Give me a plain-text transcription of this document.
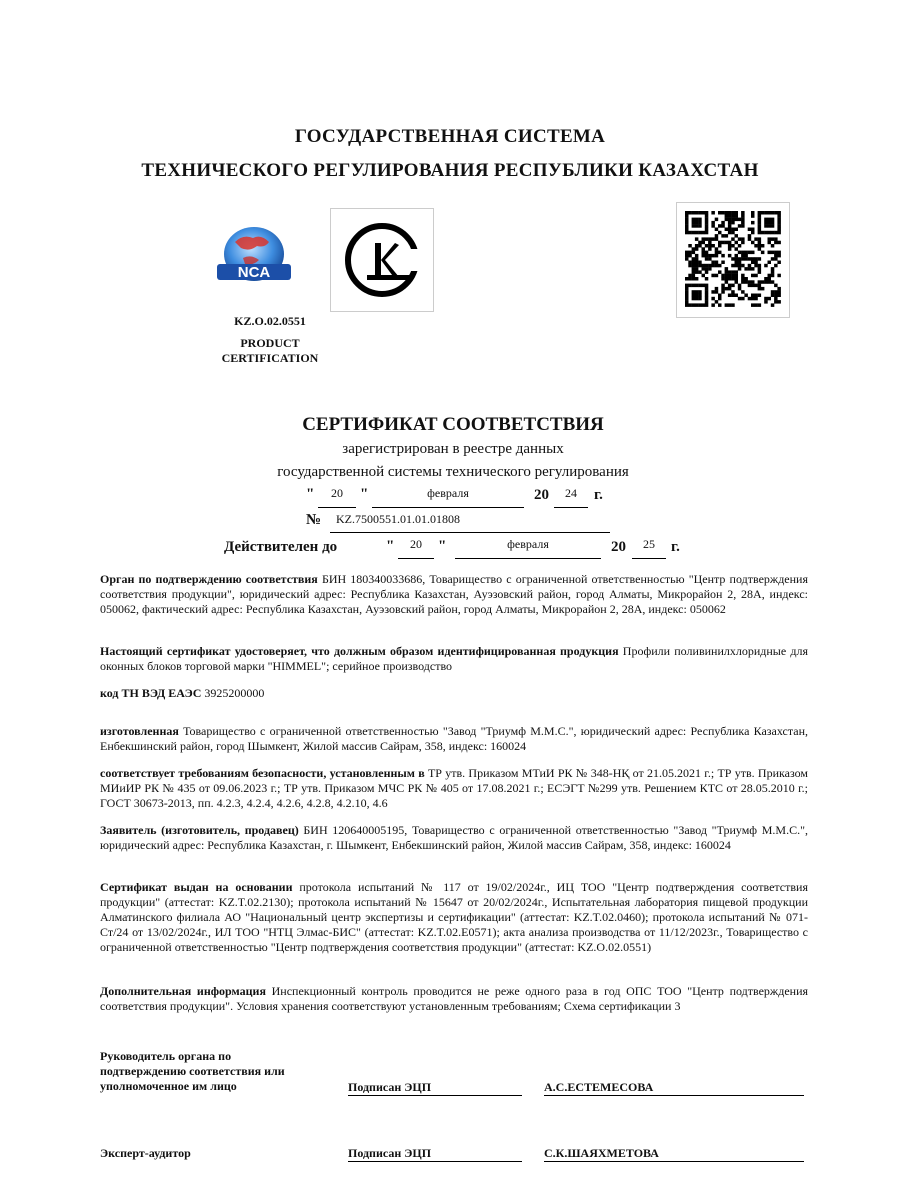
ГОСУДАРСТВЕННАЯ СИСТЕМА
ТЕХНИЧЕСКОГО РЕГУЛИРОВАНИЯ РЕСПУБЛИКИ КАЗАХСТАН
NCA
KZ.O.02.0551
PRODUCT
CERTIFICATION
СЕРТИФИКАТ СООТВЕТСТВИЯ
зарегистрирован в реестре данных
государственной системы технического регулирования
"	20	"	февраля	20	24	г.
№	KZ.7500551.01.01.01808
Действителен до	"	20	"	февраля	20	25	г.
Орган по подтверждению соответствия БИН 180340033686, Товарищество с ограниченной ответственностью "Центр подтверждения соответствия продукции", юридический адрес: Республика Казахстан, Ауэзовский район, город Алматы, Микрорайон 2, 28А, индекс: 050062, фактический адрес: Республика Казахстан, Ауэзовский район, город Алматы, Микрорайон 2, 28А, индекс: 050062
Настоящий сертификат удостоверяет, что должным образом идентифицированная продукция Профили поливинилхлоридные для оконных блоков торговой марки "HIMMEL"; серийное производство
код ТН ВЭД ЕАЭС 3925200000
изготовленная Товарищество с ограниченной ответственностью "Завод "Триумф М.М.С.", юридический адрес: Республика Казахстан, Енбекшинский район, город Шымкент, Жилой массив Сайрам, 358, индекс: 160024
соответствует требованиям безопасности, установленным в ТР утв. Приказом МТиИ РК № 348-НҚ от 21.05.2021 г.; ТР утв. Приказом МИиИР РК № 435 от 09.06.2023 г.; ТР утв. Приказом МЧС РК № 405 от 17.08.2021 г.; ЕСЭГТ №299 утв. Решением КТС от 28.05.2010 г.; ГОСТ 30673-2013, пп. 4.2.3, 4.2.4, 4.2.6, 4.2.8, 4.2.10, 4.6
Заявитель (изготовитель, продавец) БИН 120640005195, Товарищество с ограниченной ответственностью "Завод "Триумф М.М.С.", юридический адрес: Республика Казахстан, г. Шымкент, Енбекшинский район, Жилой массив Сайрам, 358, индекс: 160024
Сертификат выдан на основании протокола испытаний № 117 от 19/02/2024г., ИЦ ТОО "Центр подтверждения соответствия продукции" (аттестат: KZ.T.02.2130); протокола испытаний № 15647 от 20/02/2024г., Испытательная лаборатория пищевой продукции Алматинского филиала АО "Национальный центр экспертизы и сертификации" (аттестат: KZ.T.02.0460); протокола испытаний № 071-Ст/24 от 13/02/2024г., ИЛ ТОО "НТЦ Элмас-БИС" (аттестат: KZ.T.02.E0571); акта анализа производства от 11/12/2023г., Товарищество с ограниченной ответственностью "Центр подтверждения соответствия продукции" (аттестат: KZ.O.02.0551)
Дополнительная информация Инспекционный контроль проводится не реже одного раза в год ОПС ТОО "Центр подтверждения соответствия продукции". Условия хранения соответствуют установленным требованиям; Схема сертификации 3
Руководитель органа по
подтверждению соответствия или
уполномоченное им лицо	Подписан ЭЦП	А.С.ЕСТЕМЕСОВА
Эксперт-аудитор	Подписан ЭЦП	С.К.ШАЯХМЕТОВА
